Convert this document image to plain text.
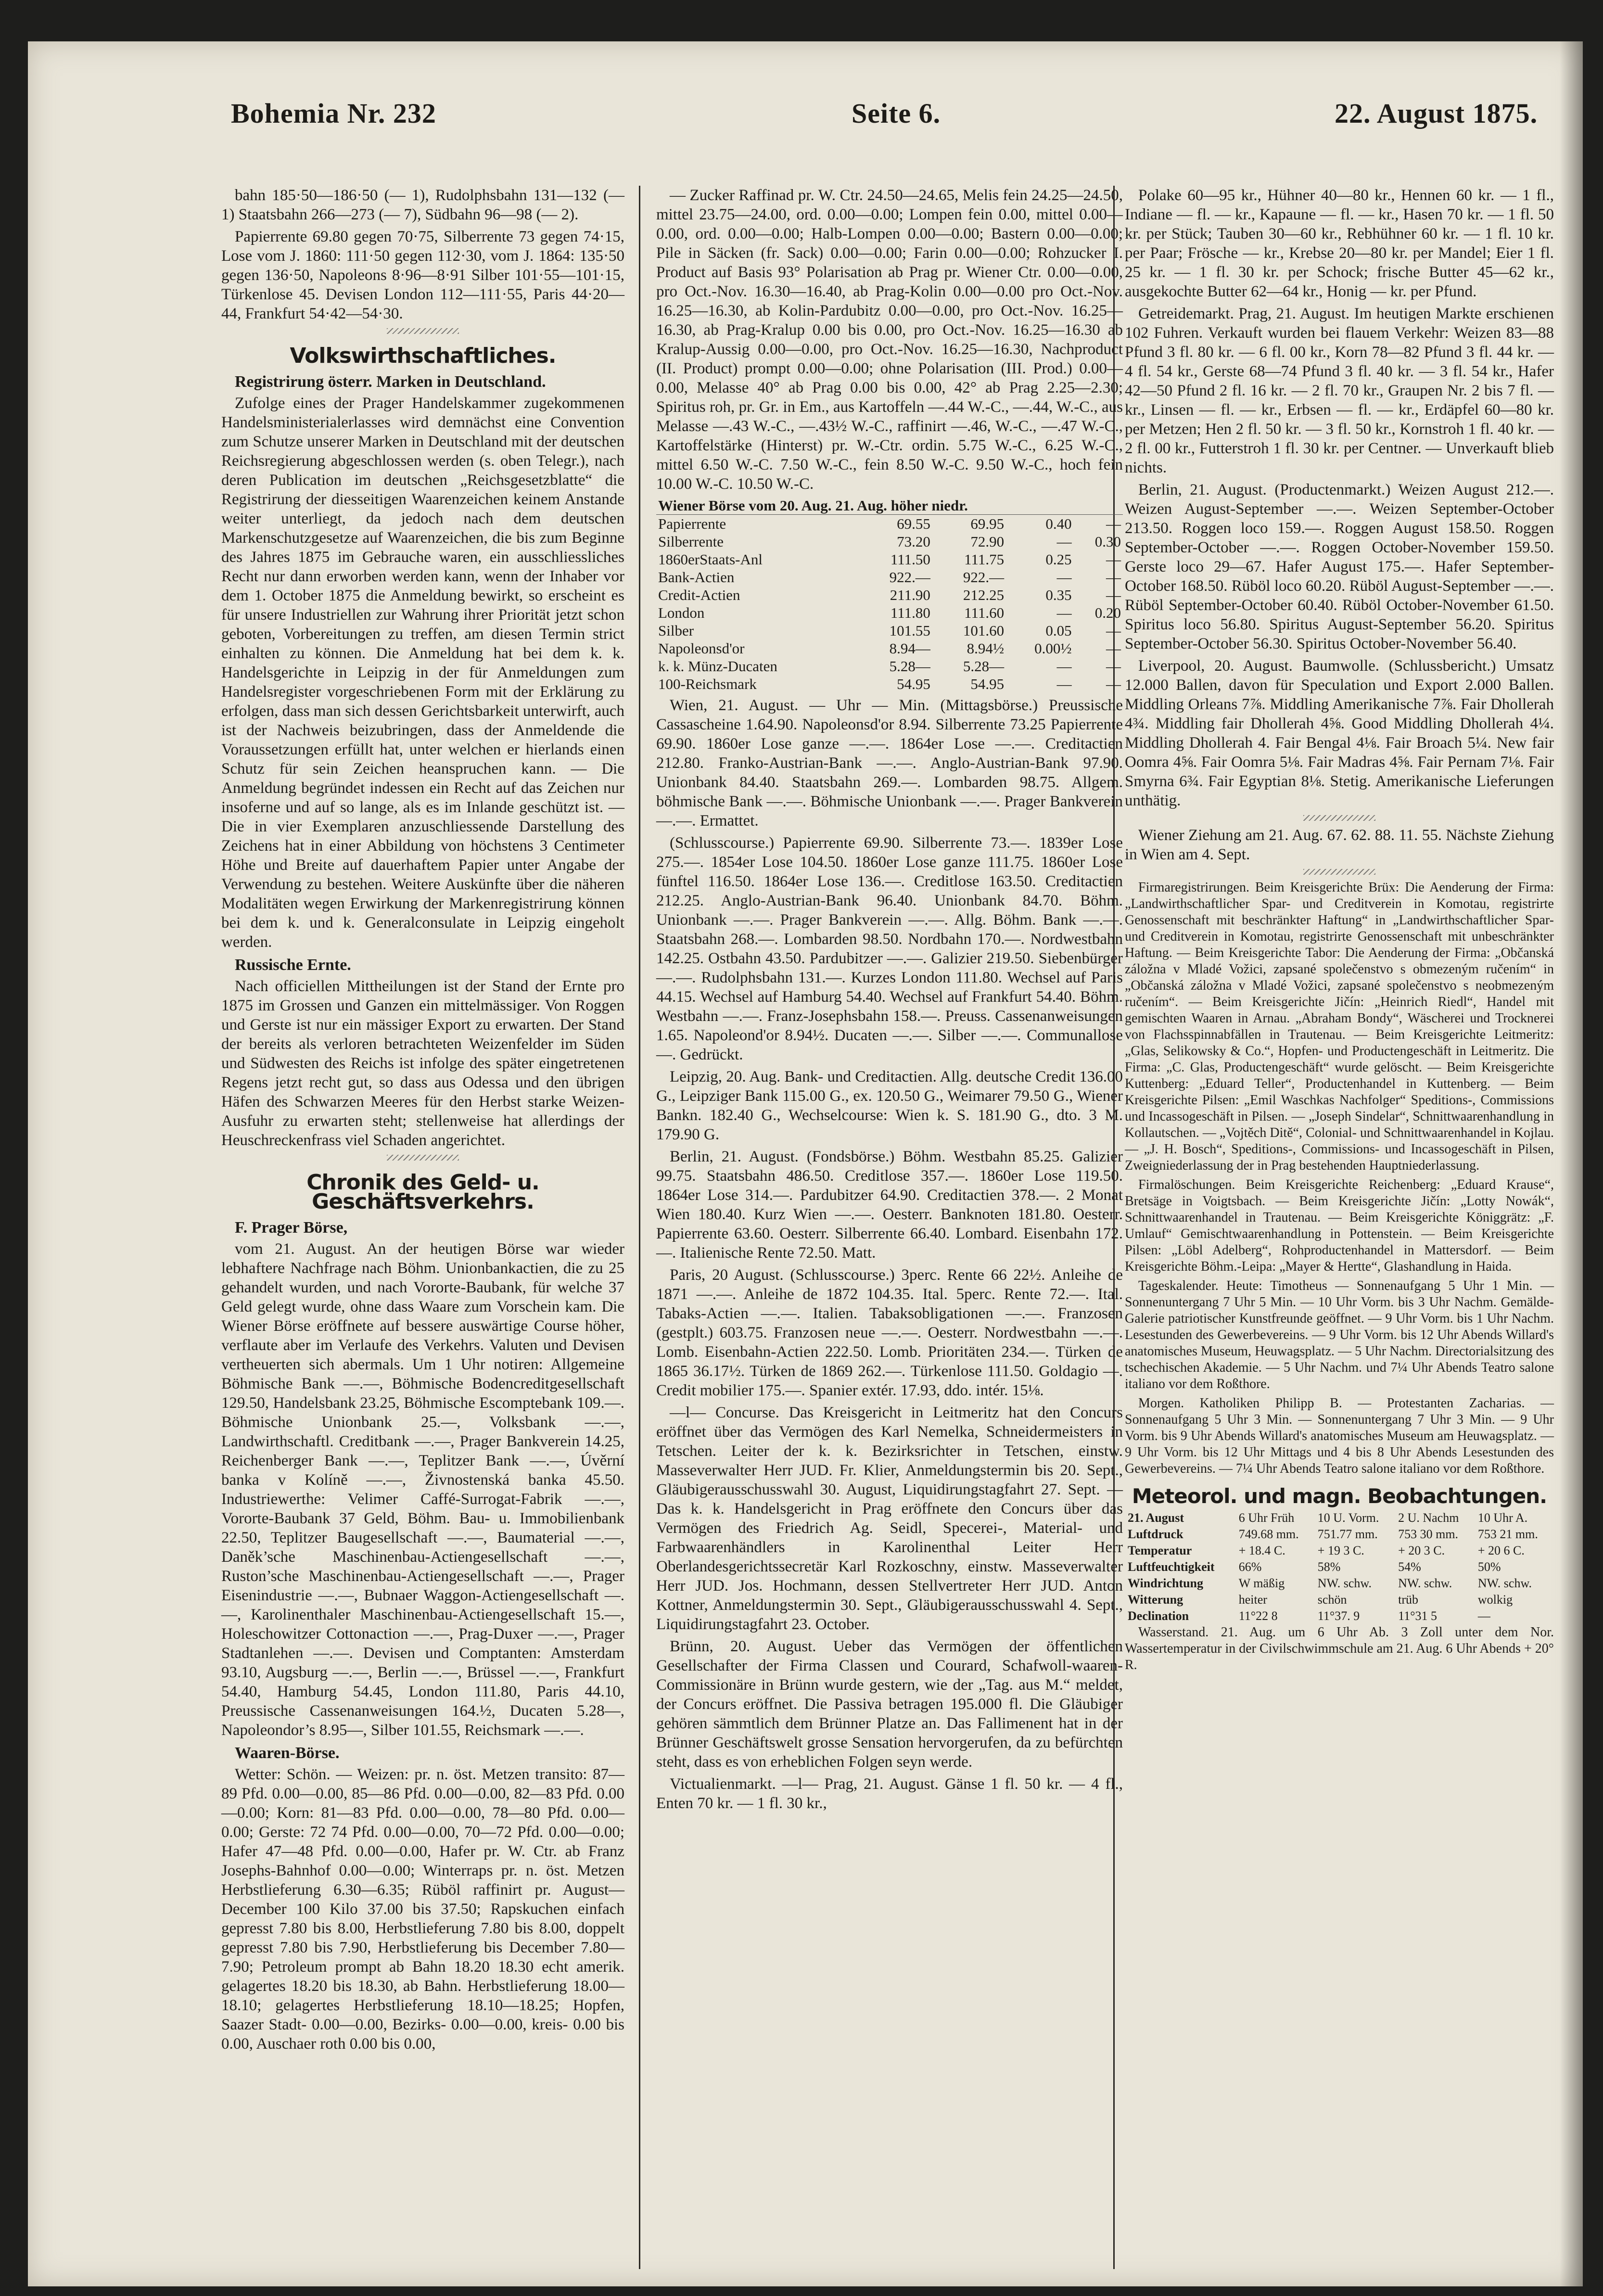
Bohemia Nr. 232	Seite 6.	22. August 1875.

bahn 185·50—186·50 (— 1), Rudolphsbahn 131—132 (— 1) Staatsbahn 266—273 (— 7), Südbahn 96—98 (— 2).

Papierrente 69.80 gegen 70·75, Silberrente 73 gegen 74·15, Lose vom J. 1860: 111·50 gegen 112·30, vom J. 1864: 135·50 gegen 136·50, Napoleons 8·96—8·91 Silber 101·55—101·15, Türkenlose 45. Devisen London 112—111·55, Paris 44·20—44, Frankfurt 54·42—54·30.

Volkswirthschaftliches.
Registrirung österr. Marken in Deutschland.

Zufolge eines der Prager Handelskammer zugekommenen Handelsministerialerlasses wird demnächst eine Convention zum Schutze unserer Marken in Deutschland mit der deutschen Reichsregierung abgeschlossen werden (s. oben Telegr.), nach deren Publication im deutschen „Reichsgesetzblatte“ die Registrirung der diesseitigen Waarenzeichen keinem Anstande weiter unterliegt, da jedoch nach dem deutschen Markenschutzgesetze auf Waarenzeichen, die bis zum Beginne des Jahres 1875 im Gebrauche waren, ein ausschliessliches Recht nur dann erworben werden kann, wenn der Inhaber vor dem 1. October 1875 die Anmeldung bewirkt, so erscheint es für unsere Industriellen zur Wahrung ihrer Priorität jetzt schon geboten, Vorbereitungen zu treffen, am diesen Termin strict einhalten zu können. Die Anmeldung hat bei dem k. k. Handelsgerichte in Leipzig in der für Anmeldungen zum Handelsregister vorgeschriebenen Form mit der Erklärung zu erfolgen, dass man sich dessen Gerichtsbarkeit unterwirft, auch ist der Nachweis beizubringen, dass der Anmeldende die Voraussetzungen erfüllt hat, unter welchen er hierlands einen Schutz für sein Zeichen heanspruchen kann. — Die Anmeldung begründet indessen ein Recht auf das Zeichen nur insoferne und auf so lange, als es im Inlande geschützt ist. — Die in vier Exemplaren anzuschliessende Darstellung des Zeichens hat in einer Abbildung von höchstens 3 Centimeter Höhe und Breite auf dauerhaftem Papier unter Angabe der Verwendung zu bestehen. Weitere Auskünfte über die näheren Modalitäten wegen Erwirkung der Markenregistrirung können bei dem k. und k. Generalconsulate in Leipzig eingeholt werden.

Russische Ernte.

Nach officiellen Mittheilungen ist der Stand der Ernte pro 1875 im Grossen und Ganzen ein mittelmässiger. Von Roggen und Gerste ist nur ein mässiger Export zu erwarten. Der Stand der bereits als verloren betrachteten Weizenfelder im Süden und Südwesten des Reichs ist infolge des später eingetretenen Regens jetzt recht gut, so dass aus Odessa und den übrigen Häfen des Schwarzen Meeres für den Herbst starke Weizen-Ausfuhr zu erwarten steht; stellenweise hat allerdings der Heuschreckenfrass viel Schaden angerichtet.

Chronik des Geld- u. Geschäftsverkehrs.
F. Prager Börse,

vom 21. August. An der heutigen Börse war wieder lebhaftere Nachfrage nach Böhm. Unionbankactien, die zu 25 gehandelt wurden, und nach Vororte-Baubank, für welche 37 Geld gelegt wurde, ohne dass Waare zum Vorschein kam. Die Wiener Börse eröffnete auf bessere auswärtige Course höher, verflaute aber im Verlaufe des Verkehrs. Valuten und Devisen vertheuerten sich abermals. Um 1 Uhr notiren: Allgemeine Böhmische Bank —.—, Böhmische Bodencreditgesellschaft 129.50, Handelsbank 23.25, Böhmische Escomptebank 109.—. Böhmische Unionbank 25.—, Volksbank —.—, Landwirthschaftl. Creditbank —.—, Prager Bankverein 14.25, Reichenberger Bank —.—, Teplitzer Bank —.—, Úvěrní banka v Kolíně —.—, Živnostenská banka 45.50. Industriewerthe: Velimer Caffé-Surrogat-Fabrik —.—, Vororte-Baubank 37 Geld, Böhm. Bau- u. Immobilienbank 22.50, Teplitzer Baugesellschaft —.—, Baumaterial —.—, Daněk’sche Maschinenbau-Actiengesellschaft —.—, Ruston’sche Maschinenbau-Actiengesellschaft —.—, Prager Eisenindustrie —.—, Bubnaer Waggon-Actiengesellschaft —.—, Karolinenthaler Maschinenbau-Actiengesellschaft 15.—, Holeschowitzer Cottonaction —.—, Prag-Duxer —.—, Prager Stadtanlehen —.—. Devisen und Comptanten: Amsterdam 93.10, Augsburg —.—, Berlin —.—, Brüssel —.—, Frankfurt 54.40, Hamburg 54.45, London 111.80, Paris 44.10, Preussische Cassenanweisungen 164.½, Ducaten 5.28—, Napoleondor’s 8.95—, Silber 101.55, Reichsmark —.—.

Waaren-Börse.

Wetter: Schön. — Weizen: pr. n. öst. Metzen transito: 87—89 Pfd. 0.00—0.00, 85—86 Pfd. 0.00—0.00, 82—83 Pfd. 0.00—0.00; Korn: 81—83 Pfd. 0.00—0.00, 78—80 Pfd. 0.00—0.00; Gerste: 72 74 Pfd. 0.00—0.00, 70—72 Pfd. 0.00—0.00; Hafer 47—48 Pfd. 0.00—0.00, Hafer pr. W. Ctr. ab Franz Josephs-Bahnhof 0.00—0.00; Winterraps pr. n. öst. Metzen Herbstlieferung 6.30—6.35; Rüböl raffinirt pr. August—December 100 Kilo 37.00 bis 37.50; Rapskuchen einfach gepresst 7.80 bis 8.00, Herbstlieferung 7.80 bis 8.00, doppelt gepresst 7.80 bis 7.90, Herbstlieferung bis December 7.80—7.90; Petroleum prompt ab Bahn 18.20 18.30 echt amerik. gelagertes 18.20 bis 18.30, ab Bahn. Herbstlieferung 18.00—18.10; gelagertes Herbstlieferung 18.10—18.25; Hopfen, Saazer Stadt- 0.00—0.00, Bezirks- 0.00—0.00, kreis- 0.00 bis 0.00, Auschaer roth 0.00 bis 0.00,

— Zucker Raffinad pr. W. Ctr. 24.50—24.65, Melis fein 24.25—24.50, mittel 23.75—24.00, ord. 0.00—0.00; Lompen fein 0.00, mittel 0.00—0.00, ord. 0.00—0.00; Halb-Lompen 0.00—0.00; Bastern 0.00—0.00; Pile in Säcken (fr. Sack) 0.00—0.00; Farin 0.00—0.00; Rohzucker I. Product auf Basis 93° Polarisation ab Prag pr. Wiener Ctr. 0.00—0.00, pro Oct.-Nov. 16.30—16.40, ab Prag-Kolin 0.00—0.00 pro Oct.-Nov. 16.25—16.30, ab Kolin-Pardubitz 0.00—0.00, pro Oct.-Nov. 16.25—16.30, ab Prag-Kralup 0.00 bis 0.00, pro Oct.-Nov. 16.25—16.30 ab Kralup-Aussig 0.00—0.00, pro Oct.-Nov. 16.25—16.30, Nachproduct (II. Product) prompt 0.00—0.00; ohne Polarisation (III. Prod.) 0.00—0.00, Melasse 40° ab Prag 0.00 bis 0.00, 42° ab Prag 2.25—2.30; Spiritus roh, pr. Gr. in Em., aus Kartoffeln —.44 W.-C., —.44, W.-C., aus Melasse —.43 W.-C., —.43½ W.-C., raffinirt —.46, W.-C., —.47 W.-C., Kartoffelstärke (Hinterst) pr. W.-Ctr. ordin. 5.75 W.-C., 6.25 W.-C., mittel 6.50 W.-C. 7.50 W.-C., fein 8.50 W.-C. 9.50 W.-C., hoch fein 10.00 W.-C. 10.50 W.-C.

Wiener Börse vom 20. Aug. 21. Aug. höher niedr.				
Papierrente	69.55	69.95	0.40	—
Silberrente	73.20	72.90	—	0.30
1860erStaats-Anl	111.50	111.75	0.25	—
Bank-Actien	922.—	922.—	—	—
Credit-Actien	211.90	212.25	0.35	—
London	111.80	111.60	—	0.20
Silber	101.55	101.60	0.05	—
Napoleonsd'or	8.94—	8.94½	0.00½	—
k. k. Münz-Ducaten	5.28—	5.28—	—	—
100-Reichsmark	54.95	54.95	—	—

Wien, 21. August. — Uhr — Min. (Mittagsbörse.) Preussische Cassascheine 1.64.90. Napoleonsd'or 8.94. Silberrente 73.25 Papierrente 69.90. 1860er Lose ganze —.—. 1864er Lose —.—. Creditactien 212.80. Franko-Austrian-Bank —.—. Anglo-Austrian-Bank 97.90. Unionbank 84.40. Staatsbahn 269.—. Lombarden 98.75. Allgem. böhmische Bank —.—. Böhmische Unionbank —.—. Prager Bankverein —.—. Ermattet.

(Schlusscourse.) Papierrente 69.90. Silberrente 73.—. 1839er Lose 275.—. 1854er Lose 104.50. 1860er Lose ganze 111.75. 1860er Lose fünftel 116.50. 1864er Lose 136.—. Creditlose 163.50. Creditactien 212.25. Anglo-Austrian-Bank 96.40. Unionbank 84.70. Böhm. Unionbank —.—. Prager Bankverein —.—. Allg. Böhm. Bank —.—. Staatsbahn 268.—. Lombarden 98.50. Nordbahn 170.—. Nordwestbahn 142.25. Ostbahn 43.50. Pardubitzer —.—. Galizier 219.50. Siebenbürger —.—. Rudolphsbahn 131.—. Kurzes London 111.80. Wechsel auf Paris 44.15. Wechsel auf Hamburg 54.40. Wechsel auf Frankfurt 54.40. Böhm. Westbahn —.—. Franz-Josephsbahn 158.—. Preuss. Cassenanweisungen 1.65. Napoleond'or 8.94½. Ducaten —.—. Silber —.—. Communallose —. Gedrückt.

Leipzig, 20. Aug. Bank- und Creditactien. Allg. deutsche Credit 136.00 G., Leipziger Bank 115.00 G., ex. 120.50 G., Weimarer 79.50 G., Wiener Bankn. 182.40 G., Wechselcourse: Wien k. S. 181.90 G., dto. 3 M. 179.90 G.

Berlin, 21. August. (Fondsbörse.) Böhm. Westbahn 85.25. Galizier 99.75. Staatsbahn 486.50. Creditlose 357.—. 1860er Lose 119.50. 1864er Lose 314.—. Pardubitzer 64.90. Creditactien 378.—. 2 Monat Wien 180.40. Kurz Wien —.—. Oesterr. Banknoten 181.80. Oesterr. Papierrente 63.60. Oesterr. Silberrente 66.40. Lombard. Eisenbahn 172.—. Italienische Rente 72.50. Matt.

Paris, 20 August. (Schlusscourse.) 3perc. Rente 66 22½. Anleihe de 1871 —.—. Anleihe de 1872 104.35. Ital. 5perc. Rente 72.—. Ital. Tabaks-Actien —.—. Italien. Tabaksobligationen —.—. Franzosen (gestplt.) 603.75. Franzosen neue —.—. Oesterr. Nordwestbahn —.—. Lomb. Eisenbahn-Actien 222.50. Lomb. Prioritäten 234.—. Türken de 1865 36.17½. Türken de 1869 262.—. Türkenlose 111.50. Goldagio —. Credit mobilier 175.—. Spanier extér. 17.93, ddo. intér. 15⅛.

—l— Concurse. Das Kreisgericht in Leitmeritz hat den Concurs eröffnet über das Vermögen des Karl Nemelka, Schneidermeisters in Tetschen. Leiter der k. k. Bezirksrichter in Tetschen, einstw. Masseverwalter Herr JUD. Fr. Klier, Anmeldungstermin bis 20. Sept., Gläubigerausschusswahl 30. August, Liquidirungstagfahrt 27. Sept. — Das k. k. Handelsgericht in Prag eröffnete den Concurs über das Vermögen des Friedrich Ag. Seidl, Specerei-, Material- und Farbwaarenhändlers in Karolinenthal Leiter Herr Oberlandesgerichtssecretär Karl Rozkoschny, einstw. Masseverwalter Herr JUD. Jos. Hochmann, dessen Stellvertreter Herr JUD. Anton Kottner, Anmeldungstermin 30. Sept., Gläubigerausschusswahl 4. Sept., Liquidirungstagfahrt 23. October.

Brünn, 20. August. Ueber das Vermögen der öffentlichen Gesellschafter der Firma Classen und Courard, Schafwoll-waaren-Commissionäre in Brünn wurde gestern, wie der „Tag. aus M.“ meldet, der Concurs eröffnet. Die Passiva betragen 195.000 fl. Die Gläubiger gehören sämmtlich dem Brünner Platze an. Das Fallimenent hat in der Brünner Geschäftswelt grosse Sensation hervorgerufen, da zu befürchten steht, dass es von erheblichen Folgen seyn werde.

Victualienmarkt. —l— Prag, 21. August. Gänse 1 fl. 50 kr. — 4 fl., Enten 70 kr. — 1 fl. 30 kr.,

Polake 60—95 kr., Hühner 40—80 kr., Hennen 60 kr. — 1 fl., Indiane — fl. — kr., Kapaune — fl. — kr., Hasen 70 kr. — 1 fl. 50 kr. per Stück; Tauben 30—60 kr., Rebhühner 60 kr. — 1 fl. 10 kr. per Paar; Frösche — kr., Krebse 20—80 kr. per Mandel; Eier 1 fl. 25 kr. — 1 fl. 30 kr. per Schock; frische Butter 45—62 kr., ausgekochte Butter 62—64 kr., Honig — kr. per Pfund.

Getreidemarkt. Prag, 21. August. Im heutigen Markte erschienen 102 Fuhren. Verkauft wurden bei flauem Verkehr: Weizen 83—88 Pfund 3 fl. 80 kr. — 6 fl. 00 kr., Korn 78—82 Pfund 3 fl. 44 kr. — 4 fl. 54 kr., Gerste 68—74 Pfund 3 fl. 40 kr. — 3 fl. 54 kr., Hafer 42—50 Pfund 2 fl. 16 kr. — 2 fl. 70 kr., Graupen Nr. 2 bis 7 fl. — kr., Linsen — fl. — kr., Erbsen — fl. — kr., Erdäpfel 60—80 kr. per Metzen; Hen 2 fl. 50 kr. — 3 fl. 50 kr., Kornstroh 1 fl. 40 kr. — 2 fl. 00 kr., Futterstroh 1 fl. 30 kr. per Centner. — Unverkauft blieb nichts.

Berlin, 21. August. (Productenmarkt.) Weizen August 212.—. Weizen August-September —.—. Weizen September-October 213.50. Roggen loco 159.—. Roggen August 158.50. Roggen September-October —.—. Roggen October-November 159.50. Gerste loco 29—67. Hafer August 175.—. Hafer September-October 168.50. Rüböl loco 60.20. Rüböl August-September —.—. Rüböl September-October 60.40. Rüböl October-November 61.50. Spiritus loco 56.80. Spiritus August-September 56.20. Spiritus September-October 56.30. Spiritus October-November 56.40.

Liverpool, 20. August. Baumwolle. (Schlussbericht.) Umsatz 12.000 Ballen, davon für Speculation und Export 2.000 Ballen. Middling Orleans 7⅞. Middling Amerikanische 7⅞. Fair Dhollerah 4¾. Middling fair Dhollerah 4⅝. Good Middling Dhollerah 4¼. Middling Dhollerah 4. Fair Bengal 4⅛. Fair Broach 5¼. New fair Oomra 4⅝. Fair Oomra 5⅛. Fair Madras 4⅝. Fair Pernam 7⅛. Fair Smyrna 6¾. Fair Egyptian 8⅛. Stetig. Amerikanische Lieferungen unthätig.

Wiener Ziehung am 21. Aug. 67. 62. 88. 11. 55. Nächste Ziehung in Wien am 4. Sept.

Firmaregistrirungen. Beim Kreisgerichte Brüx: Die Aenderung der Firma: „Landwirthschaftlicher Spar- und Creditverein in Komotau, registrirte Genossenschaft mit beschränkter Haftung“ in „Landwirthschaftlicher Spar- und Creditverein in Komotau, registrirte Genossenschaft mit unbeschränkter Haftung. — Beim Kreisgerichte Tabor: Die Aenderung der Firma: „Občanská záložna v Mladé Vožici, zapsané společenstvo s obmezeným ručením“ in „Občanská záložna v Mladé Vožici, zapsané společenstvo s neobmezeným ručením“. — Beim Kreisgerichte Jičín: „Heinrich Riedl“, Handel mit gemischten Waaren in Arnau. „Abraham Bondy“, Wäscherei und Trocknerei von Flachsspinnabfällen in Trautenau. — Beim Kreisgerichte Leitmeritz: „Glas, Selikowsky & Co.“, Hopfen- und Productengeschäft in Leitmeritz. Die Firma: „C. Glas, Productengeschäft“ wurde gelöscht. — Beim Kreisgerichte Kuttenberg: „Eduard Teller“, Productenhandel in Kuttenberg. — Beim Kreisgerichte Pilsen: „Emil Waschkas Nachfolger“ Speditions-, Commissions und Incassogeschäft in Pilsen. — „Joseph Sindelar“, Schnittwaarenhandlung in Kollautschen. — „Vojtěch Ditě“, Colonial- und Schnittwaarenhandel in Kojlau. — „J. H. Bosch“, Speditions-, Commissions- und Incassogeschäft in Pilsen, Zweigniederlassung der in Prag bestehenden Hauptniederlassung.

Firmalöschungen. Beim Kreisgerichte Reichenberg: „Eduard Krause“, Bretsäge in Voigtsbach. — Beim Kreisgerichte Jičín: „Lotty Nowák“, Schnittwaarenhandel in Trautenau. — Beim Kreisgerichte Königgrätz: „F. Umlauf“ Gemischtwaarenhandlung in Pottenstein. — Beim Kreisgerichte Pilsen: „Löbl Adelberg“, Rohproductenhandel in Mattersdorf. — Beim Kreisgerichte Böhm.-Leipa: „Mayer & Hertte“, Glashandlung in Haida.

Tageskalender. Heute: Timotheus — Sonnenaufgang 5 Uhr 1 Min. — Sonnenuntergang 7 Uhr 5 Min. — 10 Uhr Vorm. bis 3 Uhr Nachm. Gemälde-Galerie patriotischer Kunstfreunde geöffnet. — 9 Uhr Vorm. bis 1 Uhr Nachm. Lesestunden des Gewerbevereins. — 9 Uhr Vorm. bis 12 Uhr Abends Willard's anatomisches Museum, Heuwagsplatz. — 5 Uhr Nachm. Directorialsitzung des tschechischen Akademie. — 5 Uhr Nachm. und 7¼ Uhr Abends Teatro salone italiano vor dem Roßthore.

Morgen. Katholiken Philipp B. — Protestanten Zacharias. — Sonnenaufgang 5 Uhr 3 Min. — Sonnenuntergang 7 Uhr 3 Min. — 9 Uhr Vorm. bis 9 Uhr Abends Willard's anatomisches Museum am Heuwagsplatz. — 9 Uhr Vorm. bis 12 Uhr Mittags und 4 bis 8 Uhr Abends Lesestunden des Gewerbevereins. — 7¼ Uhr Abends Teatro salone italiano vor dem Roßthore.

Meteorol. und magn. Beobachtungen.
21. August	6 Uhr Früh	10 U. Vorm.	2 U. Nachm	10 Uhr A.
Luftdruck	749.68 mm.	751.77 mm.	753 30 mm.	753 21 mm.
Temperatur	+ 18.4 C.	+ 19 3 C.	+ 20 3 C.	+ 20 6 C.
Luftfeuchtigkeit	66%	58%	54%	50%
Windrichtung	W mäßig	NW. schw.	NW. schw.	NW. schw.
Witterung	heiter	schön	trüb	wolkig
Declination	11°22 8	11°37. 9	11°31 5	—

Wasserstand. 21. Aug. um 6 Uhr Ab. 3 Zoll unter dem Nor. Wassertemperatur in der Civilschwimmschule am 21. Aug. 6 Uhr Abends + 20° R.
